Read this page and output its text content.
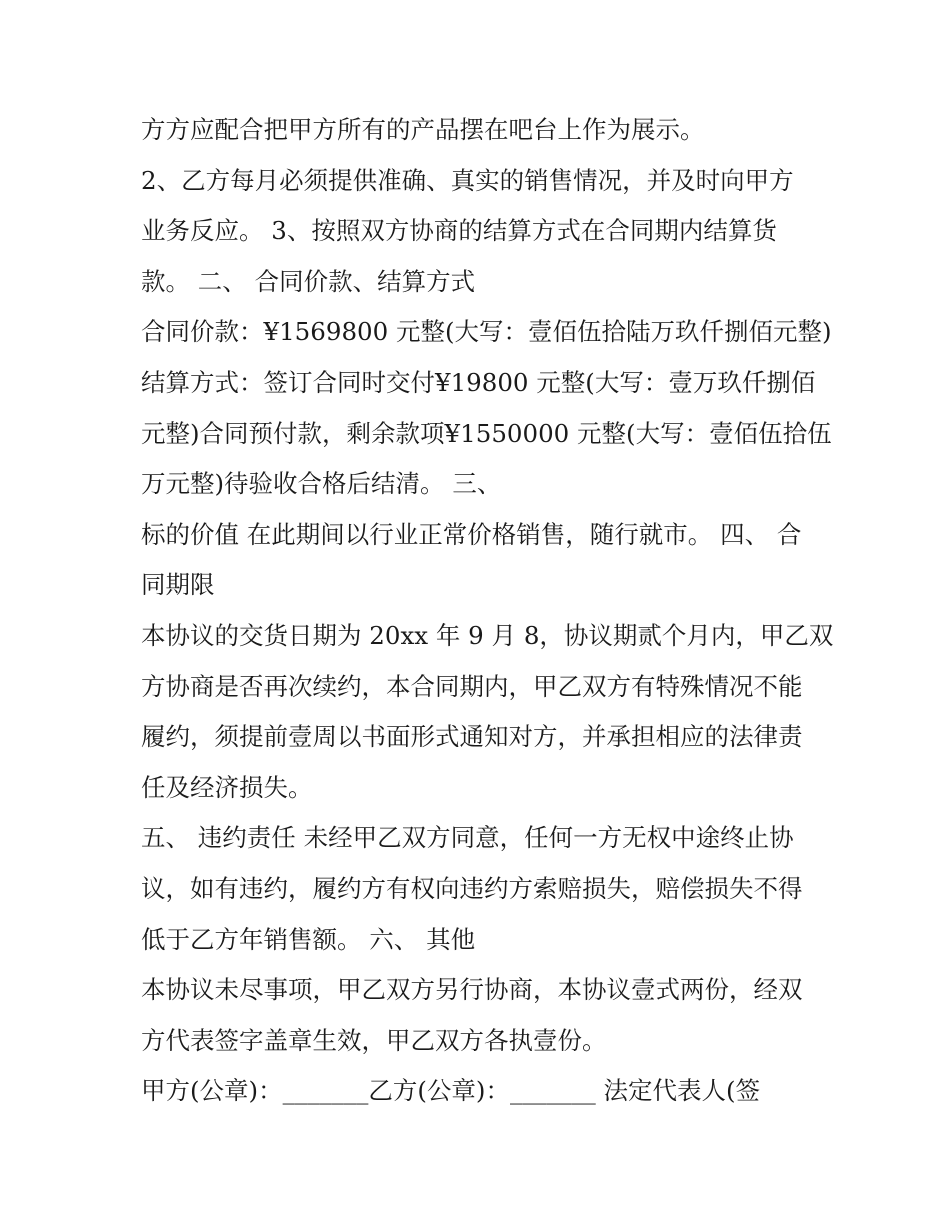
方方应配合把甲方所有的产品摆在吧台上作为展示。
2、乙方每月必须提供准确、真实的销售情况，并及时向甲方
业务反应。 3、按照双方协商的结算方式在合同期内结算货
款。 二、 合同价款、结算方式
合同价款：¥1569800 元整(大写：壹佰伍拾陆万玖仟捌佰元整)
结算方式：签订合同时交付¥19800 元整(大写：壹万玖仟捌佰
元整)合同预付款，剩余款项¥1550000 元整(大写：壹佰伍拾伍
万元整)待验收合格后结清。 三、
标的价值 在此期间以行业正常价格销售，随行就市。 四、 合
同期限
本协议的交货日期为 20xx 年 9 月 8，协议期贰个月内，甲乙双
方协商是否再次续约，本合同期内，甲乙双方有特殊情况不能
履约，须提前壹周以书面形式通知对方，并承担相应的法律责
任及经济损失。
五、 违约责任 未经甲乙双方同意，任何一方无权中途终止协
议，如有违约，履约方有权向违约方索赔损失，赔偿损失不得
低于乙方年销售额。 六、 其他
本协议未尽事项，甲乙双方另行协商，本协议壹式两份，经双
方代表签字盖章生效，甲乙双方各执壹份。
甲方(公章)：_______乙方(公章)：_______ 法定代表人(签
